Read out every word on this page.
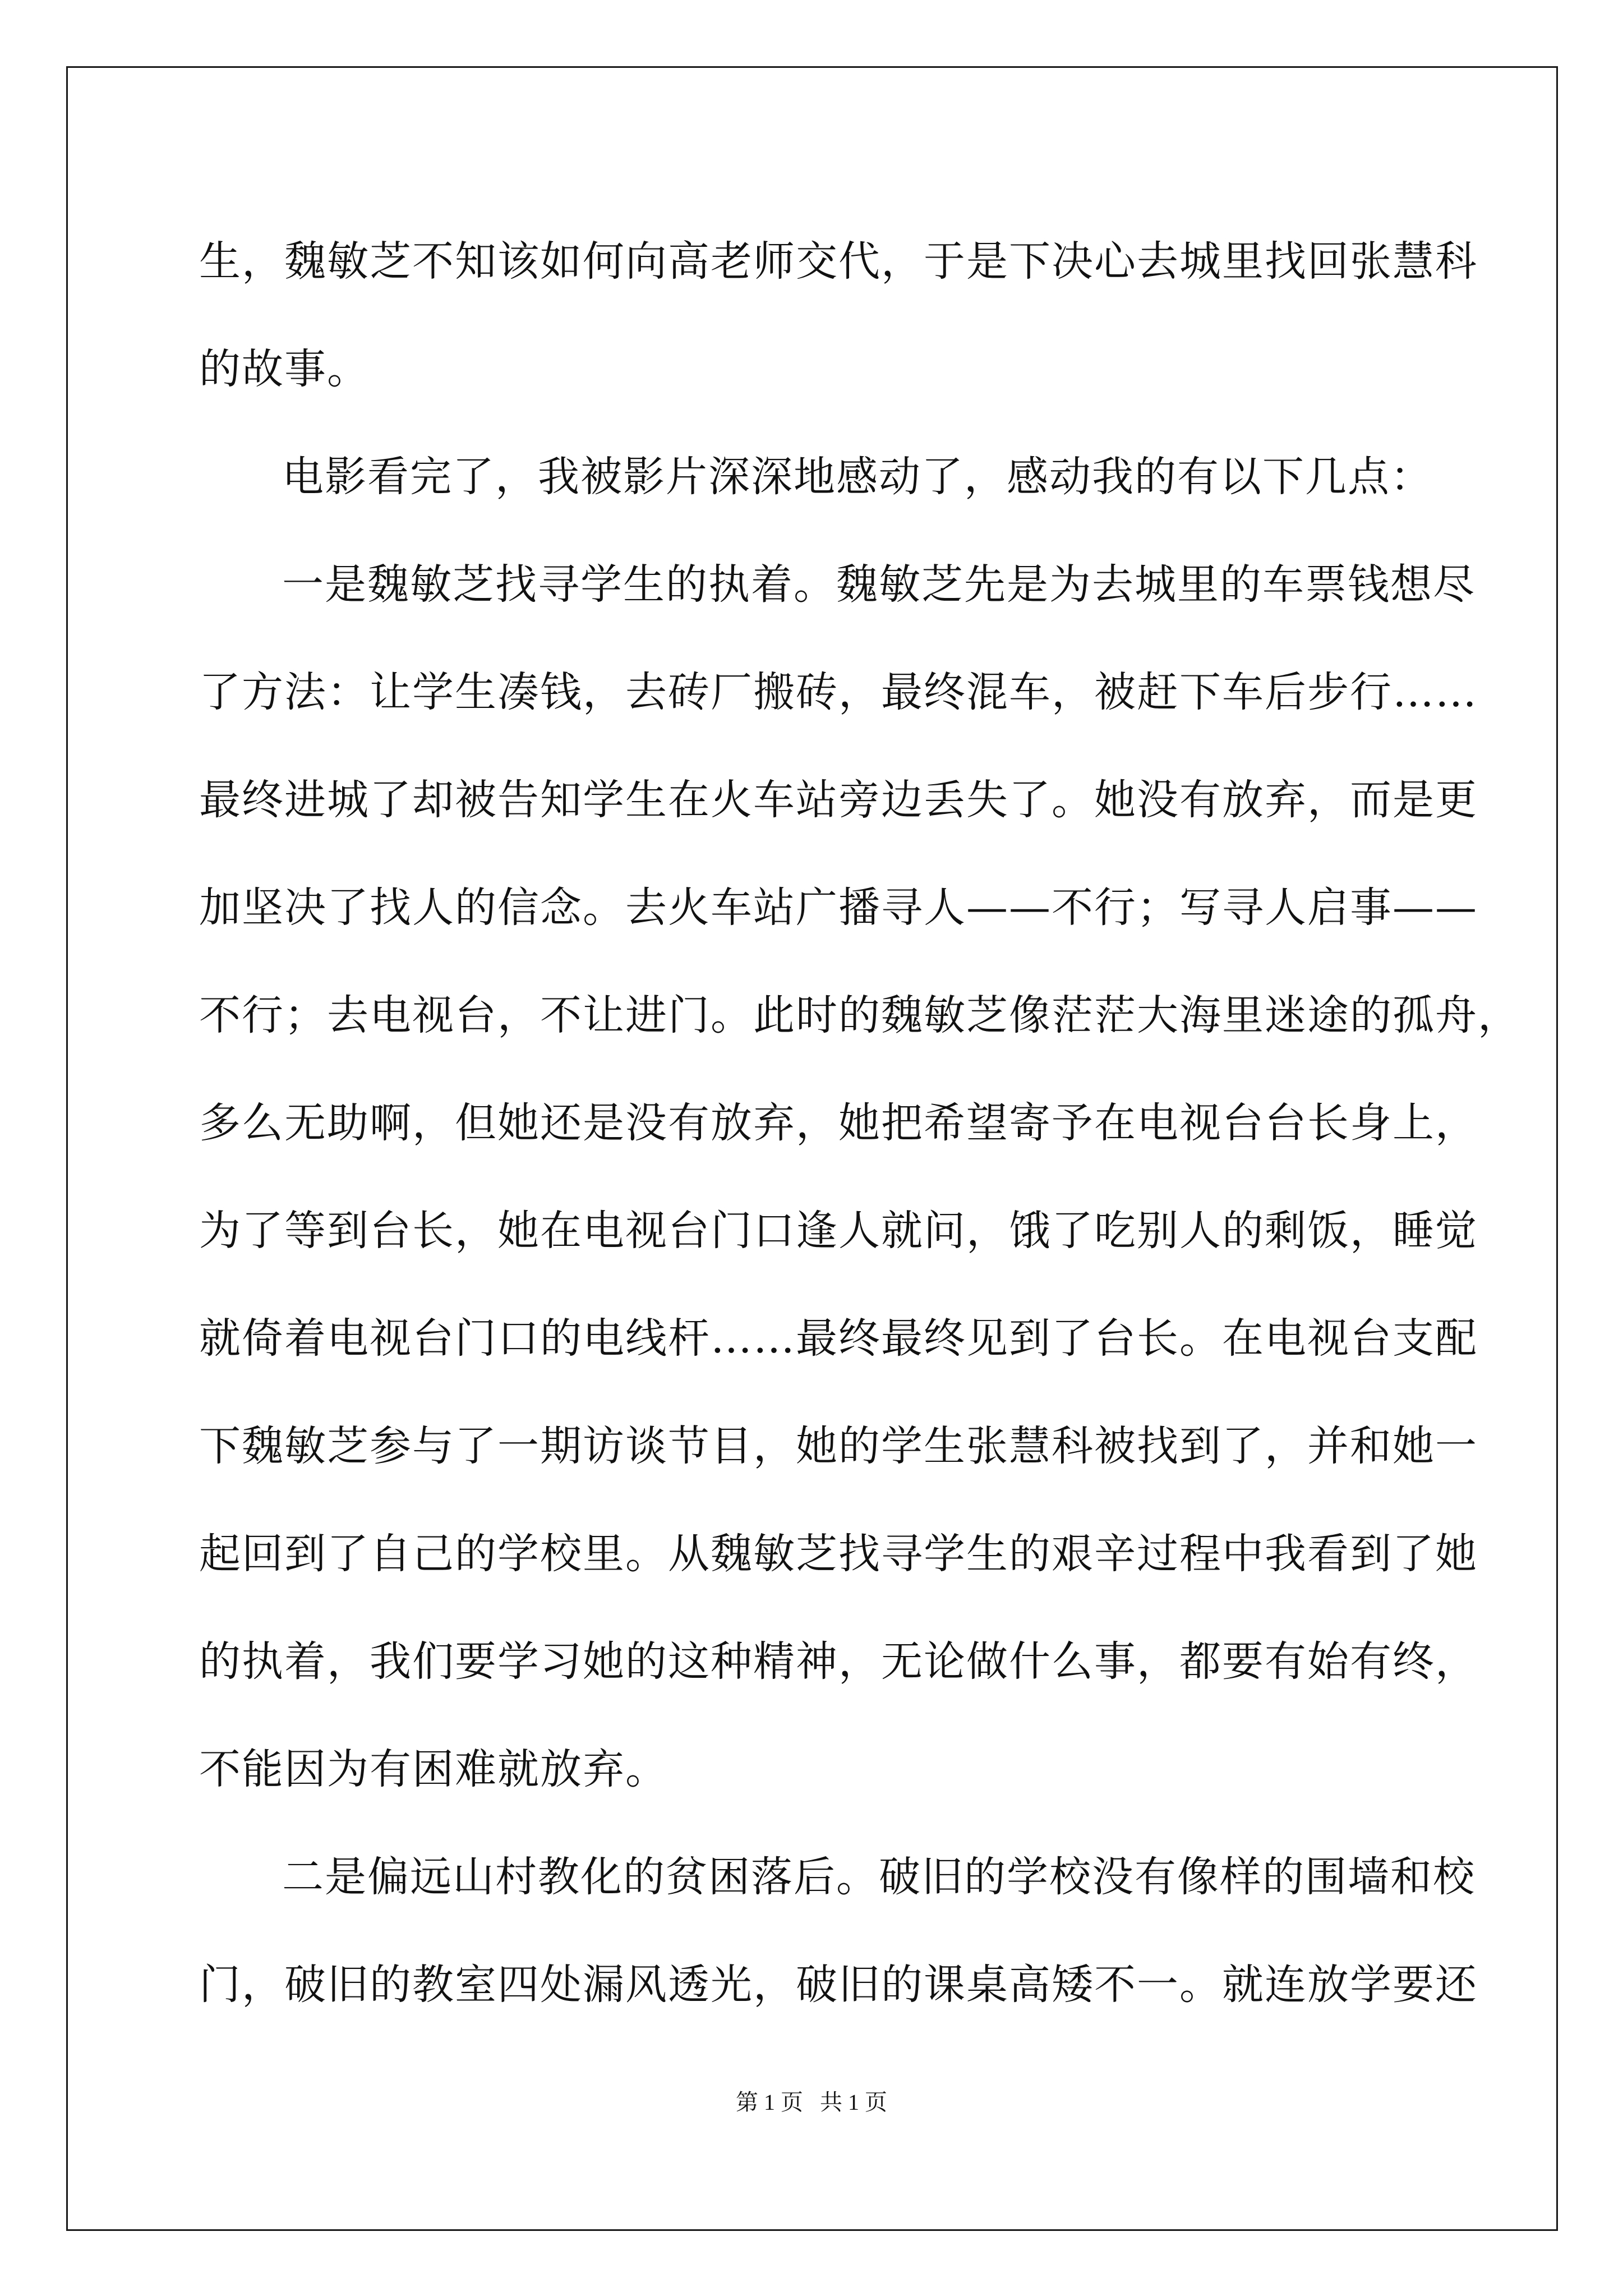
生，魏敏芝不知该如何向高老师交代，于是下决心去城里找回张慧科
的故事。
电影看完了，我被影片深深地感动了，感动我的有以下几点：
一是魏敏芝找寻学生的执着。魏敏芝先是为去城里的车票钱想尽
了方法：让学生凑钱，去砖厂搬砖，最终混车，被赶下车后步行……
最终进城了却被告知学生在火车站旁边丢失了。她没有放弃，而是更
加坚决了找人的信念。去火车站广播寻人——不行；写寻人启事——
不行；去电视台，不让进门。此时的魏敏芝像茫茫大海里迷途的孤舟，
多么无助啊，但她还是没有放弃，她把希望寄予在电视台台长身上，
为了等到台长，她在电视台门口逢人就问，饿了吃别人的剩饭，睡觉
就倚着电视台门口的电线杆……最终最终见到了台长。在电视台支配
下魏敏芝参与了一期访谈节目，她的学生张慧科被找到了，并和她一
起回到了自己的学校里。从魏敏芝找寻学生的艰辛过程中我看到了她
的执着，我们要学习她的这种精神，无论做什么事，都要有始有终，
不能因为有困难就放弃。
二是偏远山村教化的贫困落后。破旧的学校没有像样的围墙和校
门，破旧的教室四处漏风透光，破旧的课桌高矮不一。就连放学要还
第 1 页   共 1 页
